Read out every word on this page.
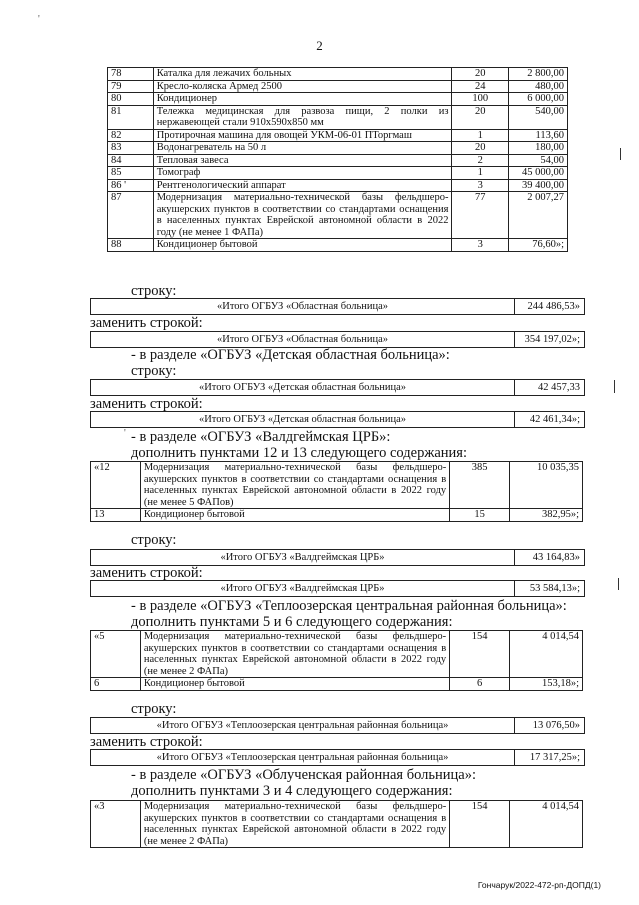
'
2
78	Каталка для лежачих больных	20	2 800,00
79	Кресло-коляска Армед 2500	24	480,00
80	Кондиционер	100	6 000,00
81	Тележка медицинская для развоза пищи, 2 полки из нержавеющей стали 910x590x850 мм	20	540,00
82	Протирочная машина для овощей УКМ-06-01 ПТоргмаш	1	113,60
83	Водонагреватель на 50 л	20	180,00
84	Тепловая завеса	2	54,00
85	Томограф	1	45 000,00
86 '	Рентгенологический аппарат	3	39 400,00
87	Модернизация материально-технической базы фельдшеро-акушерских пунктов в соответствии со стандартами оснащения в населенных пунктах Еврейской автономной области в 2022 году (не менее 1 ФАПа)	77	2 007,27
88	Кондиционер бытовой	3	76,60»;
строку:
«Итого ОГБУЗ «Областная больница»	244 486,53»
заменить строкой:
«Итого ОГБУЗ «Областная больница»	354 197,02»;
- в разделе «ОГБУЗ «Детская областная больница»:
строку:
«Итого ОГБУЗ «Детская областная больница»	42 457,33
заменить строкой:
«Итого ОГБУЗ «Детская областная больница»	42 461,34»;
' - в разделе «ОГБУЗ «Валдгеймская ЦРБ»:
дополнить пунктами 12 и 13 следующего содержания:
«12	Модернизация материально-технической базы фельдшеро-акушерских пунктов в соответствии со стандартами оснащения в населенных пунктах Еврейской автономной области в 2022 году (не менее 5 ФАПов)	385	10 035,35
13	Кондиционер бытовой	15	382,95»;
строку:
«Итого ОГБУЗ «Валдгеймская ЦРБ»	43 164,83»
заменить строкой:
«Итого ОГБУЗ «Валдгеймская ЦРБ»	53 584,13»;
- в разделе «ОГБУЗ «Теплоозерская центральная районная больница»:
дополнить пунктами 5 и 6 следующего содержания:
«5	Модернизация материально-технической базы фельдшеро-акушерских пунктов в соответствии со стандартами оснащения в населенных пунктах Еврейской автономной области в 2022 году (не менее 2 ФАПа)	154	4 014,54
6	Кондиционер бытовой	6	153,18»;
строку:
«Итого ОГБУЗ «Теплоозерская центральная районная больница»	13 076,50»
заменить строкой:
«Итого ОГБУЗ «Теплоозерская центральная районная больница»	17 317,25»;
- в разделе «ОГБУЗ «Облученская районная больница»:
дополнить пунктами 3 и 4 следующего содержания:
«3	Модернизация материально-технической базы фельдшеро-акушерских пунктов в соответствии со стандартами оснащения в населенных пунктах Еврейской автономной области в 2022 году (не менее 2 ФАПа)	154	4 014,54
Гончарук/2022-472-рп-ДОПД(1)
